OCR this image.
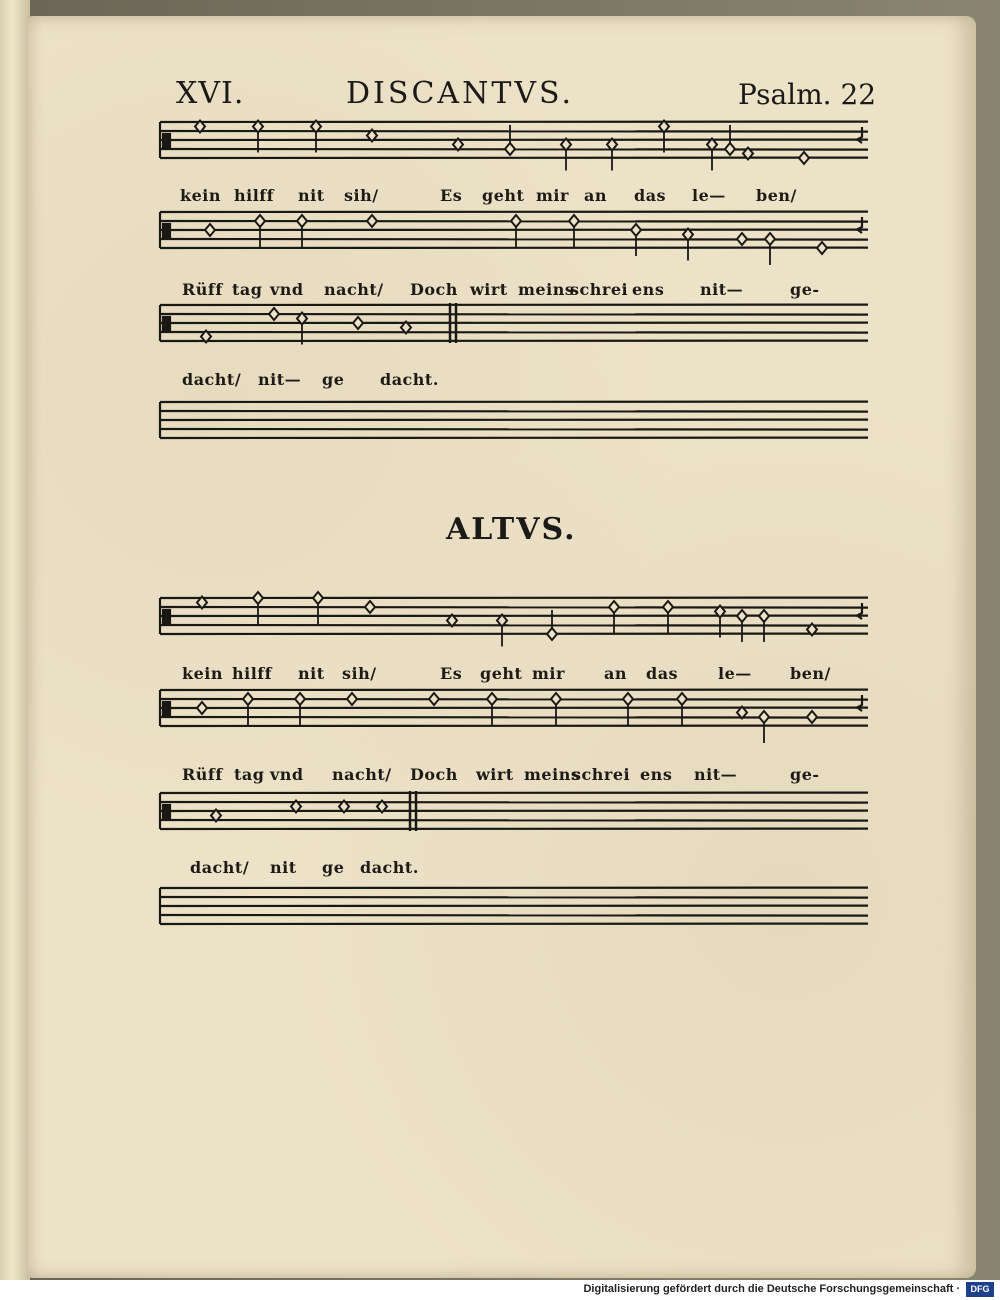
XVI.	DISCANTVS.	Psalm. 22
ALTVS.
kein hilff nit sih/	Es geht mir an das le— ben/
Rüff tag vnd nacht/ Doch wirt meins
schrei ens nit—	ge-
dacht/ nit— ge dacht.
kein hilff nit sih/	Es geht mir an das le— ben/
Rüff tag vnd nacht/ Doch wirt meins
schrei ens nit—	ge-
dacht/ nit ge dacht.
Digitalisierung gefördert durch die Deutsche Forschungsgemeinschaft ·	DFG
